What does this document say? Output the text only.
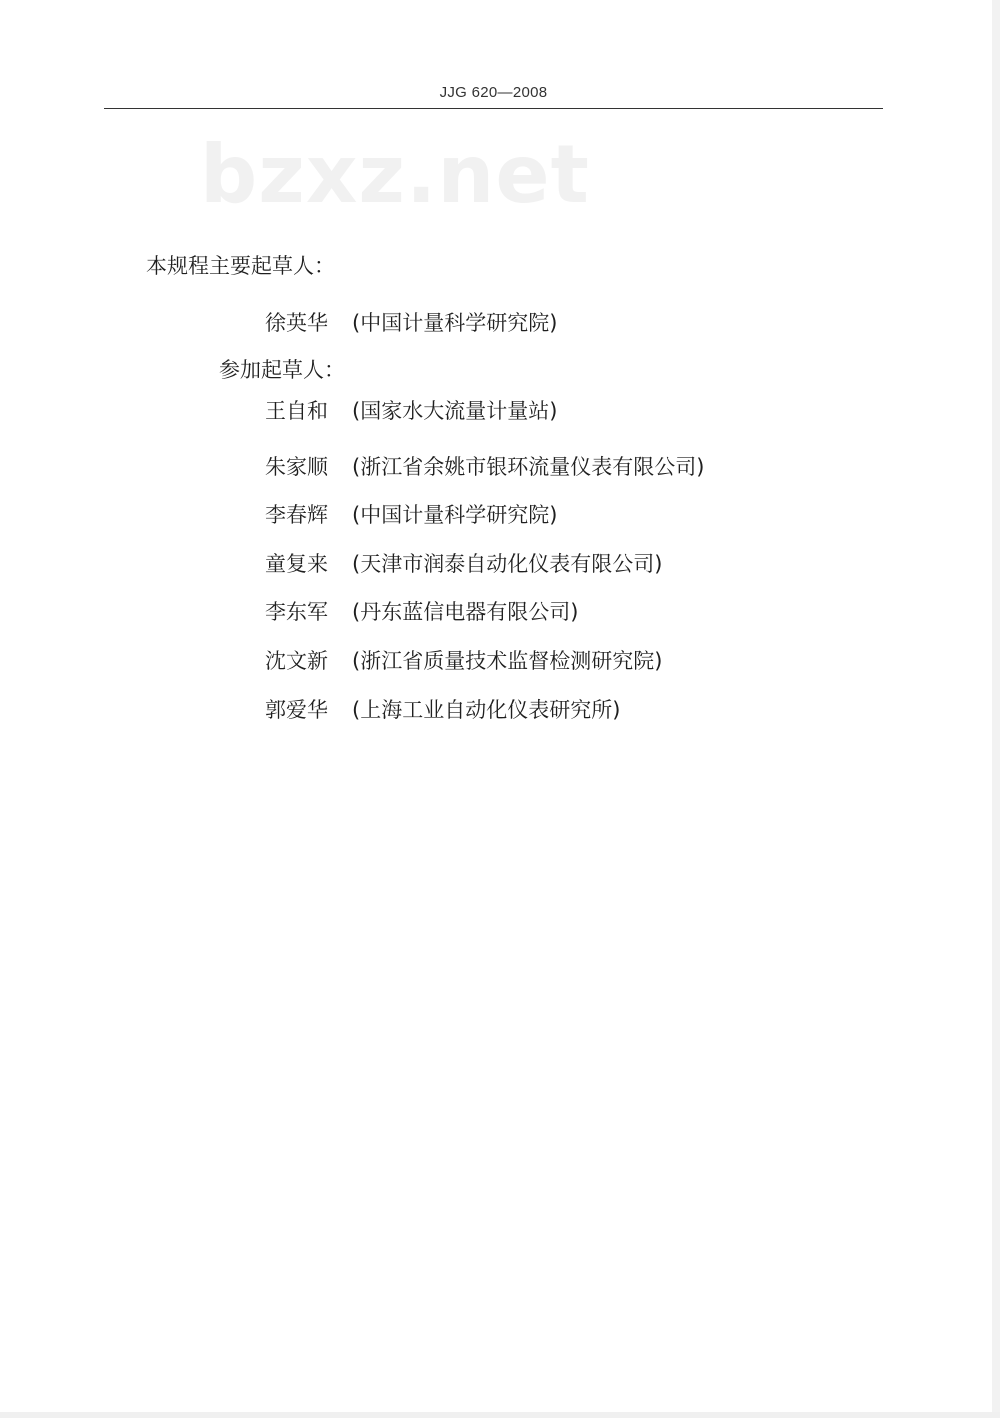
JJG 620—2008
bzxz.net
本规程主要起草人：
徐英华 (中国计量科学研究院)
参加起草人：
王自和 (国家水大流量计量站)
朱家顺 (浙江省余姚市银环流量仪表有限公司)
李春辉 (中国计量科学研究院)
童复来 (天津市润泰自动化仪表有限公司)
李东军 (丹东蓝信电器有限公司)
沈文新 (浙江省质量技术监督检测研究院)
郭爱华 (上海工业自动化仪表研究所)
